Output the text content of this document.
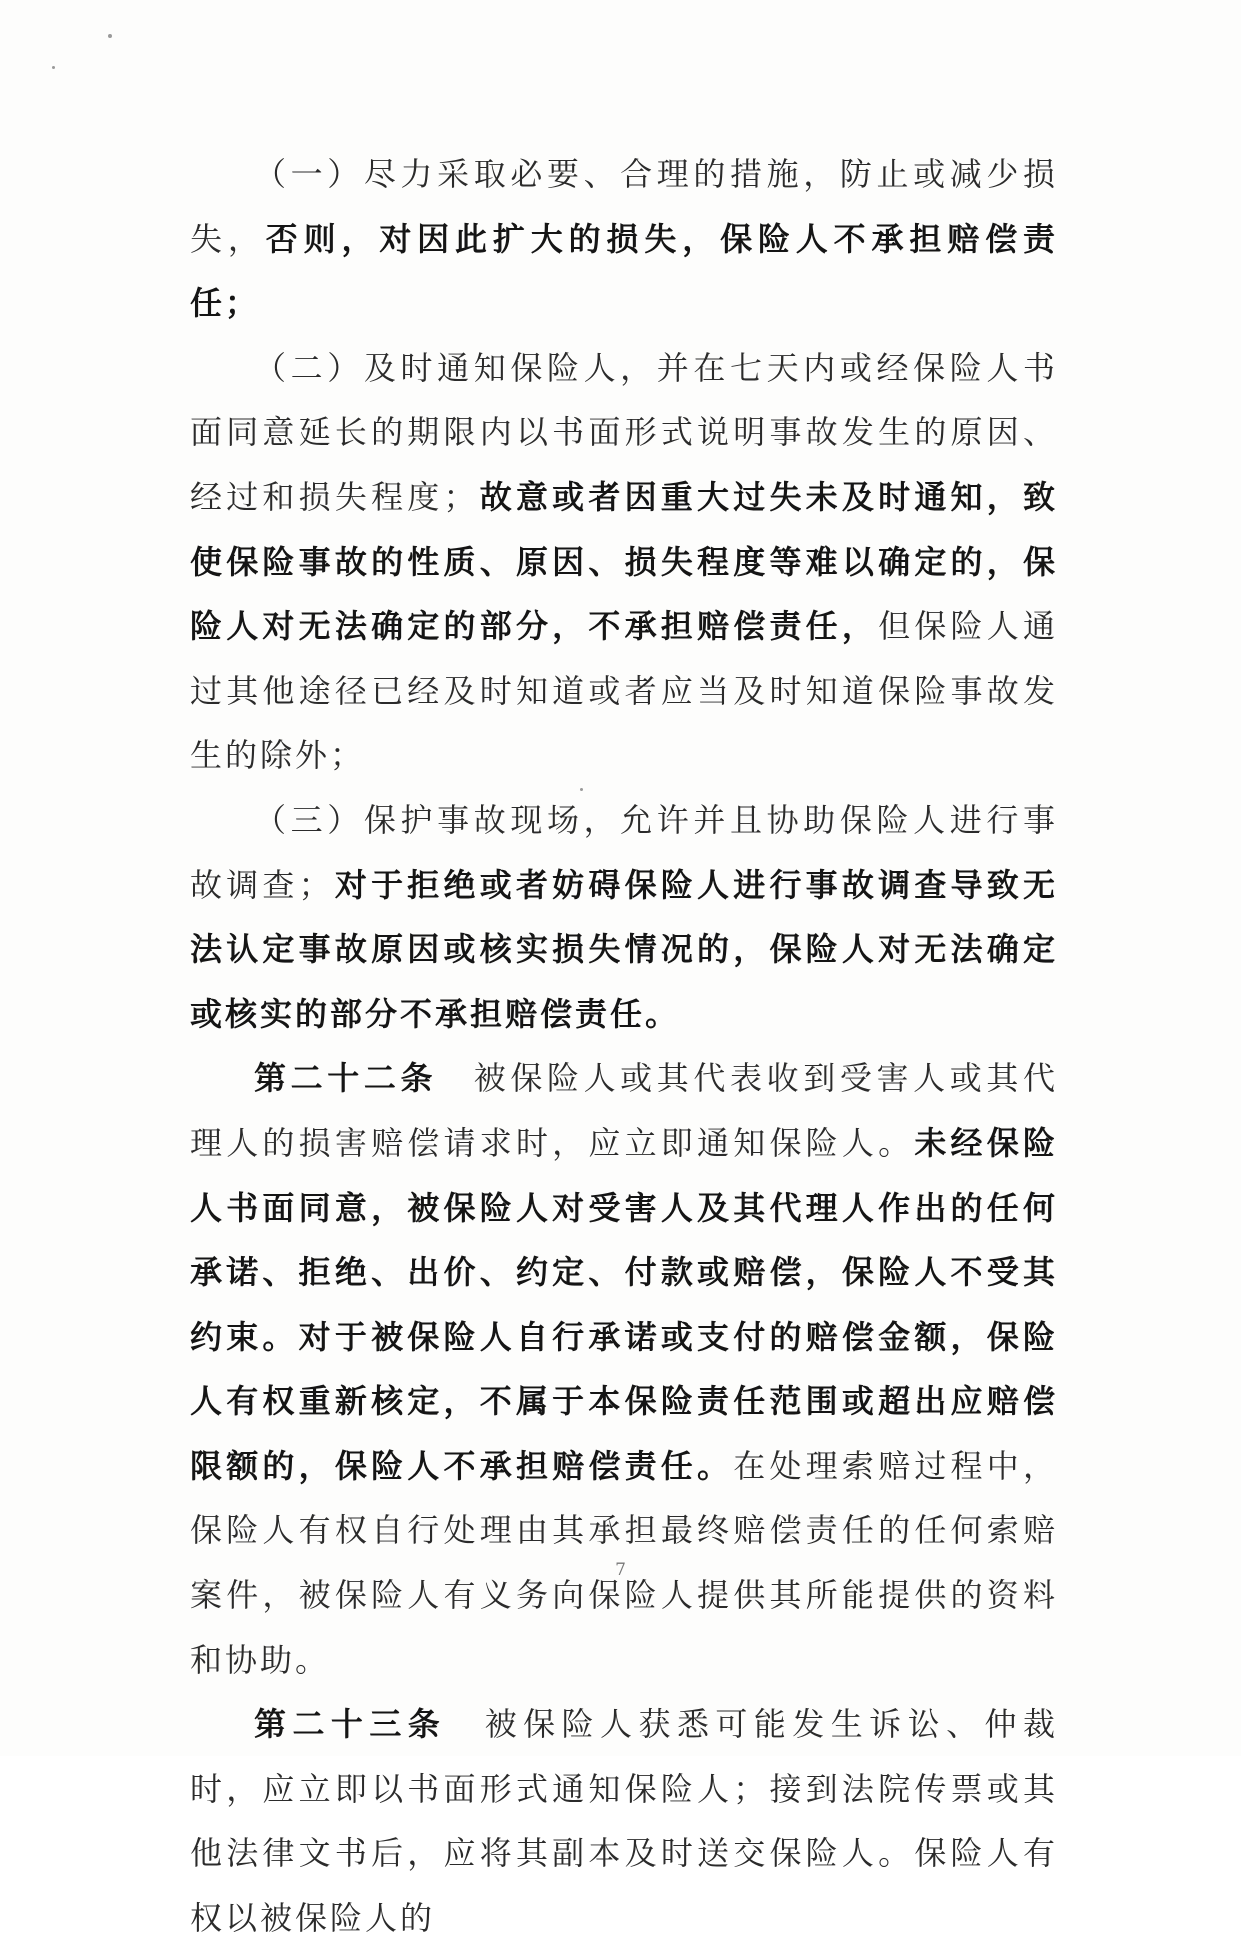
（一）尽力采取必要、合理的措施，防止或减少损失，否则，对因此扩大的损失，保险人不承担赔偿责任；

（二）及时通知保险人，并在七天内或经保险人书面同意延长的期限内以书面形式说明事故发生的原因、经过和损失程度；故意或者因重大过失未及时通知，致使保险事故的性质、原因、损失程度等难以确定的，保险人对无法确定的部分，不承担赔偿责任，但保险人通过其他途径已经及时知道或者应当及时知道保险事故发生的除外；

（三）保护事故现场，允许并且协助保险人进行事故调查；对于拒绝或者妨碍保险人进行事故调查导致无法认定事故原因或核实损失情况的，保险人对无法确定或核实的部分不承担赔偿责任。

第二十二条　被保险人或其代表收到受害人或其代理人的损害赔偿请求时，应立即通知保险人。未经保险人书面同意，被保险人对受害人及其代理人作出的任何承诺、拒绝、出价、约定、付款或赔偿，保险人不受其约束。对于被保险人自行承诺或支付的赔偿金额，保险人有权重新核定，不属于本保险责任范围或超出应赔偿限额的，保险人不承担赔偿责任。在处理索赔过程中，保险人有权自行处理由其承担最终赔偿责任的任何索赔案件，被保险人有义务向保险人提供其所能提供的资料和协助。

第二十三条　被保险人获悉可能发生诉讼、仲裁时，应立即以书面形式通知保险人；接到法院传票或其他法律文书后，应将其副本及时送交保险人。保险人有权以被保险人的

7
